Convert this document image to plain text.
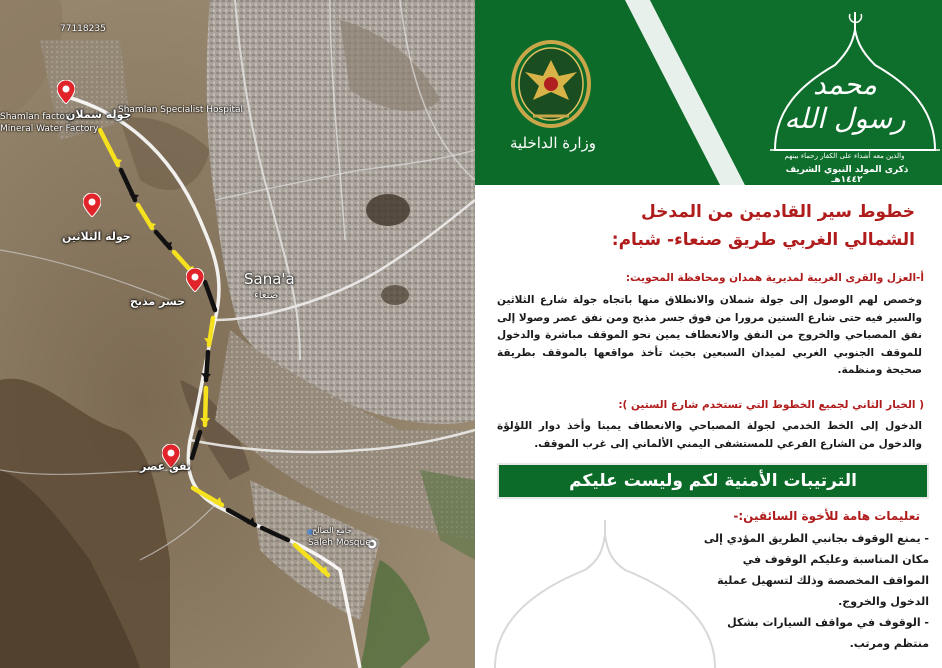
77118235
Shamlan factory
Mineral Water Factory
Shamlan Specialist Hospital
Sana'a
صنعاء
Saleh Mosque
جامع الصالح
جولة شملان
جولة الثلاثين
جسر مذبح
نفق عصر
وزارة الداخلية
محمد رسول الله
والذين معه أشداء على الكفار رحماء بينهم
ذكرى المولد النبوي الشريف ١٤٤٢هـ
خطوط سير القادمين من المدخل
الشمالي الغربي طريق صنعاء- شبام:
أ-العزل والقرى الغربية لمديرية همدان ومحافظة المحويت:
وخصص لهم الوصول إلى جولة شملان والانطلاق منها باتجاه جولة شارع الثلاثين والسير فيه حتى شارع الستين مرورا من فوق جسر مذبح ومن نفق عصر وصولا إلى نفق المصباحي والخروج من النفق والانعطاف يمين نحو الموقف مباشرة والدخول للموقف الجنوبي الغربي لميدان السبعين بحيث تأخذ مواقعها بالموقف بطريقة صحيحة ومنظمة.
( الخيار الثاني لجميع الخطوط التي تستخدم شارع الستين ):
الدخول إلى الخط الخدمي لجولة المصباحي والانعطاف يمينا وأخذ دوار اللؤلؤة والدخول من الشارع الفرعي للمستشفى اليمني الألماني إلى غرب الموقف.
الترتيبات الأمنية لكم وليست عليكم
تعليمات هامة للأخوة السائقين:-
- يمنع الوقوف بجانبي الطريق المؤدي إلى مكان المناسبة وعليكم الوقوف في المواقف المخصصة وذلك لتسهيل عملية الدخول والخروج.
- الوقوف في مواقف السيارات بشكل منتظم ومرتب.
